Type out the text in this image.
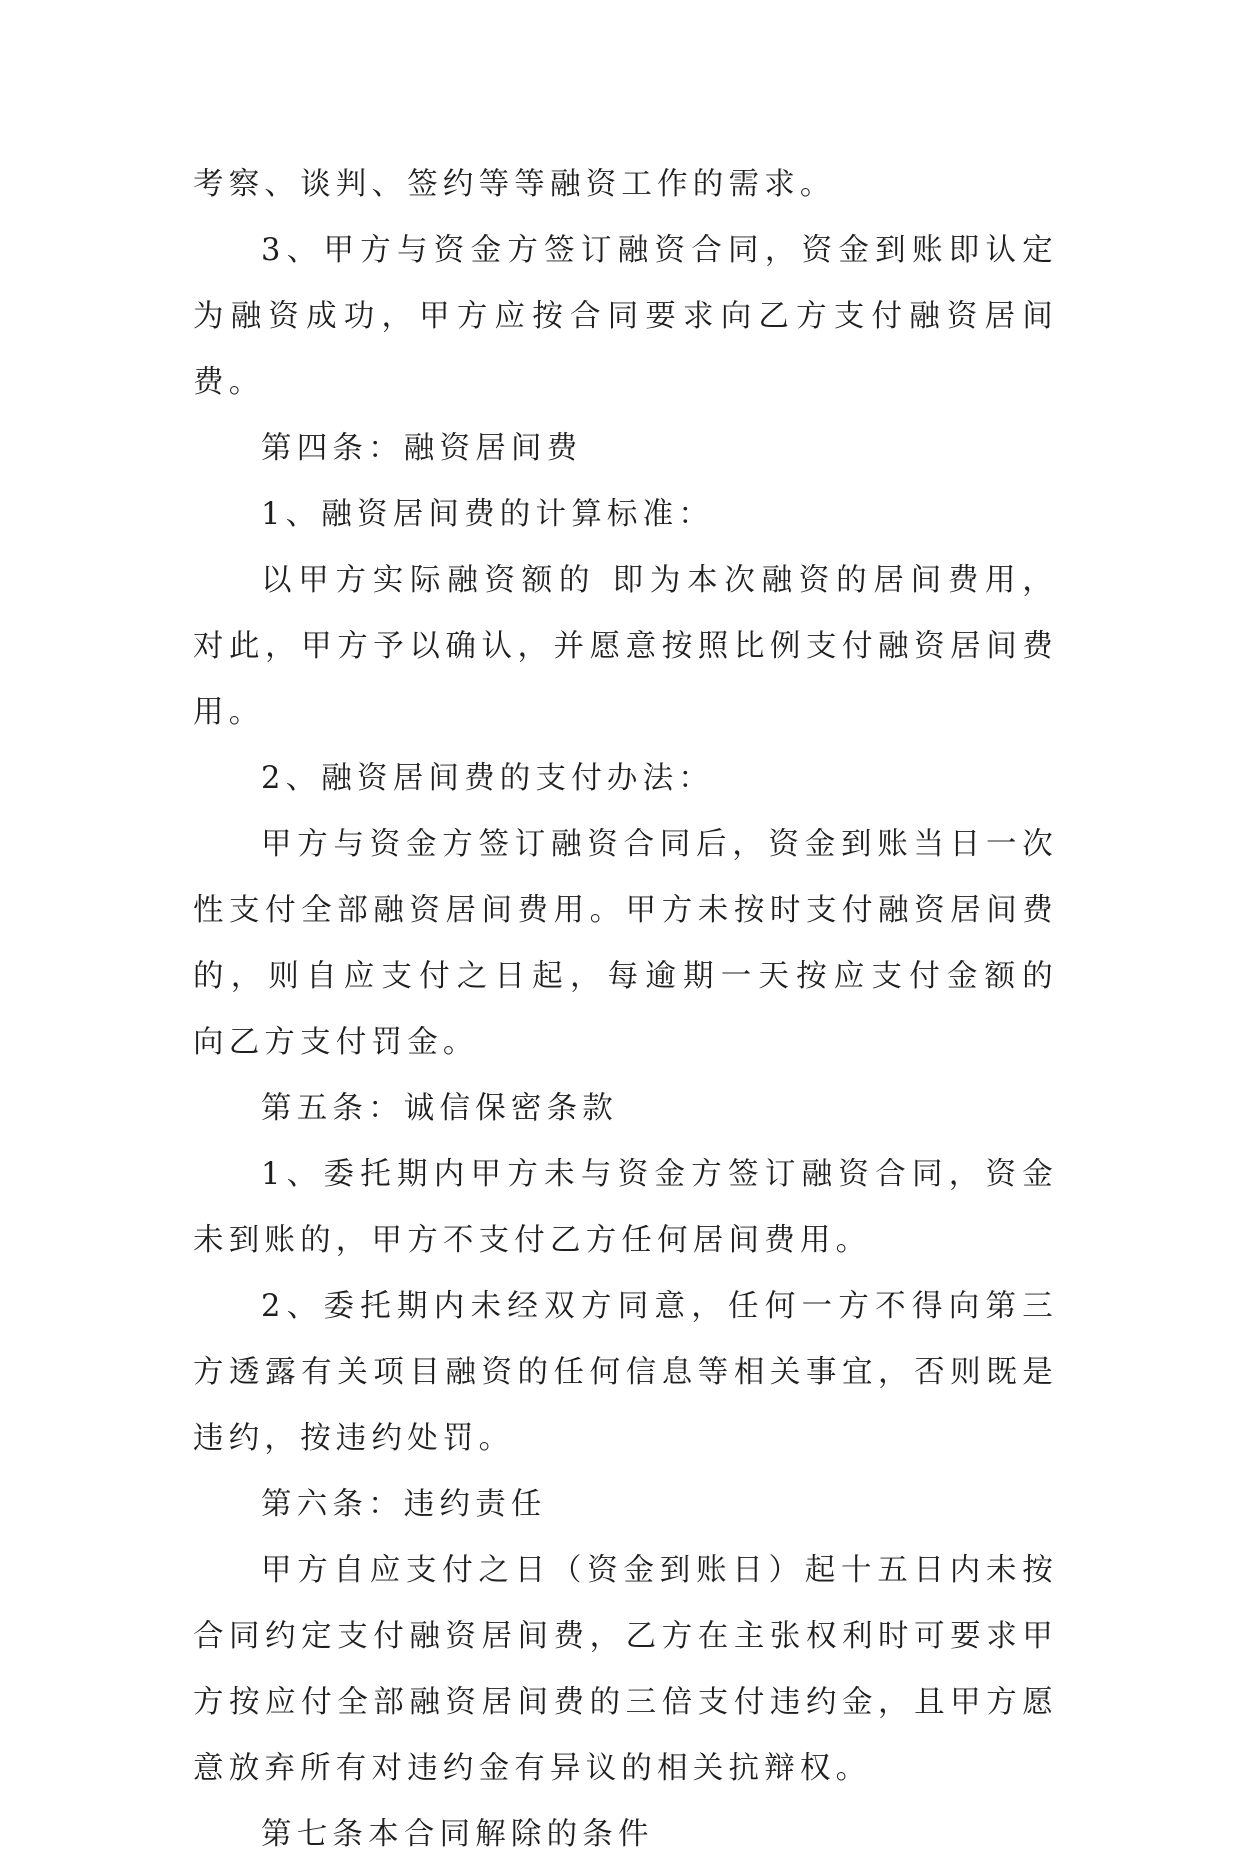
考察、谈判、签约等等融资工作的需求。

3、甲方与资金方签订融资合同，资金到账即认定为融资成功，甲方应按合同要求向乙方支付融资居间费。

第四条：融资居间费

1、融资居间费的计算标准：

以甲方实际融资额的 即为本次融资的居间费用，对此，甲方予以确认，并愿意按照比例支付融资居间费用。

2、融资居间费的支付办法：

甲方与资金方签订融资合同后，资金到账当日一次性支付全部融资居间费用。甲方未按时支付融资居间费的，则自应支付之日起，每逾期一天按应支付金额的 向乙方支付罚金。

第五条：诚信保密条款

1、委托期内甲方未与资金方签订融资合同，资金未到账的，甲方不支付乙方任何居间费用。

2、委托期内未经双方同意，任何一方不得向第三方透露有关项目融资的任何信息等相关事宜，否则既是违约，按违约处罚。

第六条：违约责任

甲方自应支付之日（资金到账日）起十五日内未按合同约定支付融资居间费，乙方在主张权利时可要求甲方按应付全部融资居间费的三倍支付违约金，且甲方愿意放弃所有对违约金有异议的相关抗辩权。

第七条本合同解除的条件
